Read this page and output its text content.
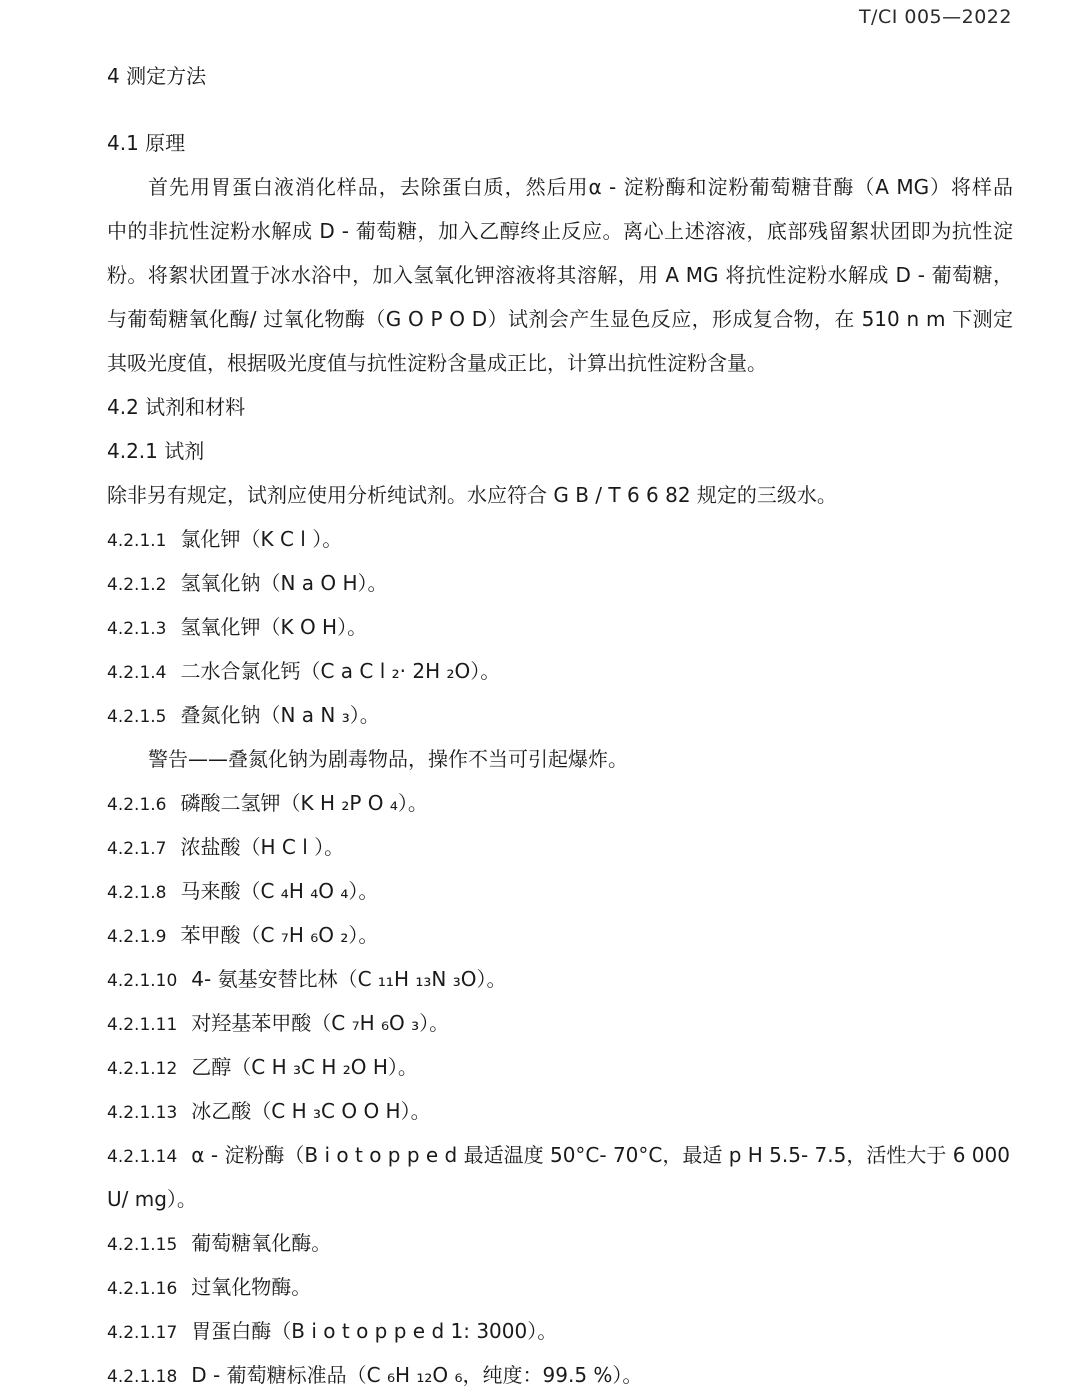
T/CI 005—2022
4 测定方法
4.1 原理
首先用胃蛋白液消化样品，去除蛋白质，然后用α - 淀粉酶和淀粉葡萄糖苷酶（A MG）将样品
中的非抗性淀粉水解成 D - 葡萄糖，加入乙醇终止反应。离心上述溶液，底部残留絮状团即为抗性淀
粉。将絮状团置于冰水浴中，加入氢氧化钾溶液将其溶解，用 A MG 将抗性淀粉水解成 D - 葡萄糖，
与葡萄糖氧化酶/ 过氧化物酶（G O P O D）试剂会产生显色反应，形成复合物，在 510 n m 下测定
其吸光度值，根据吸光度值与抗性淀粉含量成正比，计算出抗性淀粉含量。
4.2 试剂和材料
4.2.1 试剂
除非另有规定，试剂应使用分析纯试剂。水应符合 G B / T 6 6 82 规定的三级水。
4.2.1.1 氯化钾（K C l ）。
4.2.1.2 氢氧化钠（N a O H）。
4.2.1.3 氢氧化钾（K O H）。
4.2.1.4 二水合氯化钙（C a C l ₂· 2H ₂O）。
4.2.1.5 叠氮化钠（N a N ₃）。
警告——叠氮化钠为剧毒物品，操作不当可引起爆炸。
4.2.1.6 磷酸二氢钾（K H ₂P O ₄）。
4.2.1.7 浓盐酸（H C l ）。
4.2.1.8 马来酸（C ₄H ₄O ₄）。
4.2.1.9 苯甲酸（C ₇H ₆O ₂）。
4.2.1.10 4- 氨基安替比林（C ₁₁H ₁₃N ₃O）。
4.2.1.11 对羟基苯甲酸（C ₇H ₆O ₃）。
4.2.1.12 乙醇（C H ₃C H ₂O H）。
4.2.1.13 冰乙酸（C H ₃C O O H）。
4.2.1.14 α - 淀粉酶（B i o t o p p e d 最适温度 50°C- 70°C，最适 p H 5.5- 7.5，活性大于 6 000
U/ mg）。
4.2.1.15 葡萄糖氧化酶。
4.2.1.16 过氧化物酶。
4.2.1.17 胃蛋白酶（B i o t o p p e d 1: 3000）。
4.2.1.18 D - 葡萄糖标准品（C ₆H ₁₂O ₆，纯度：99.5 %）。
